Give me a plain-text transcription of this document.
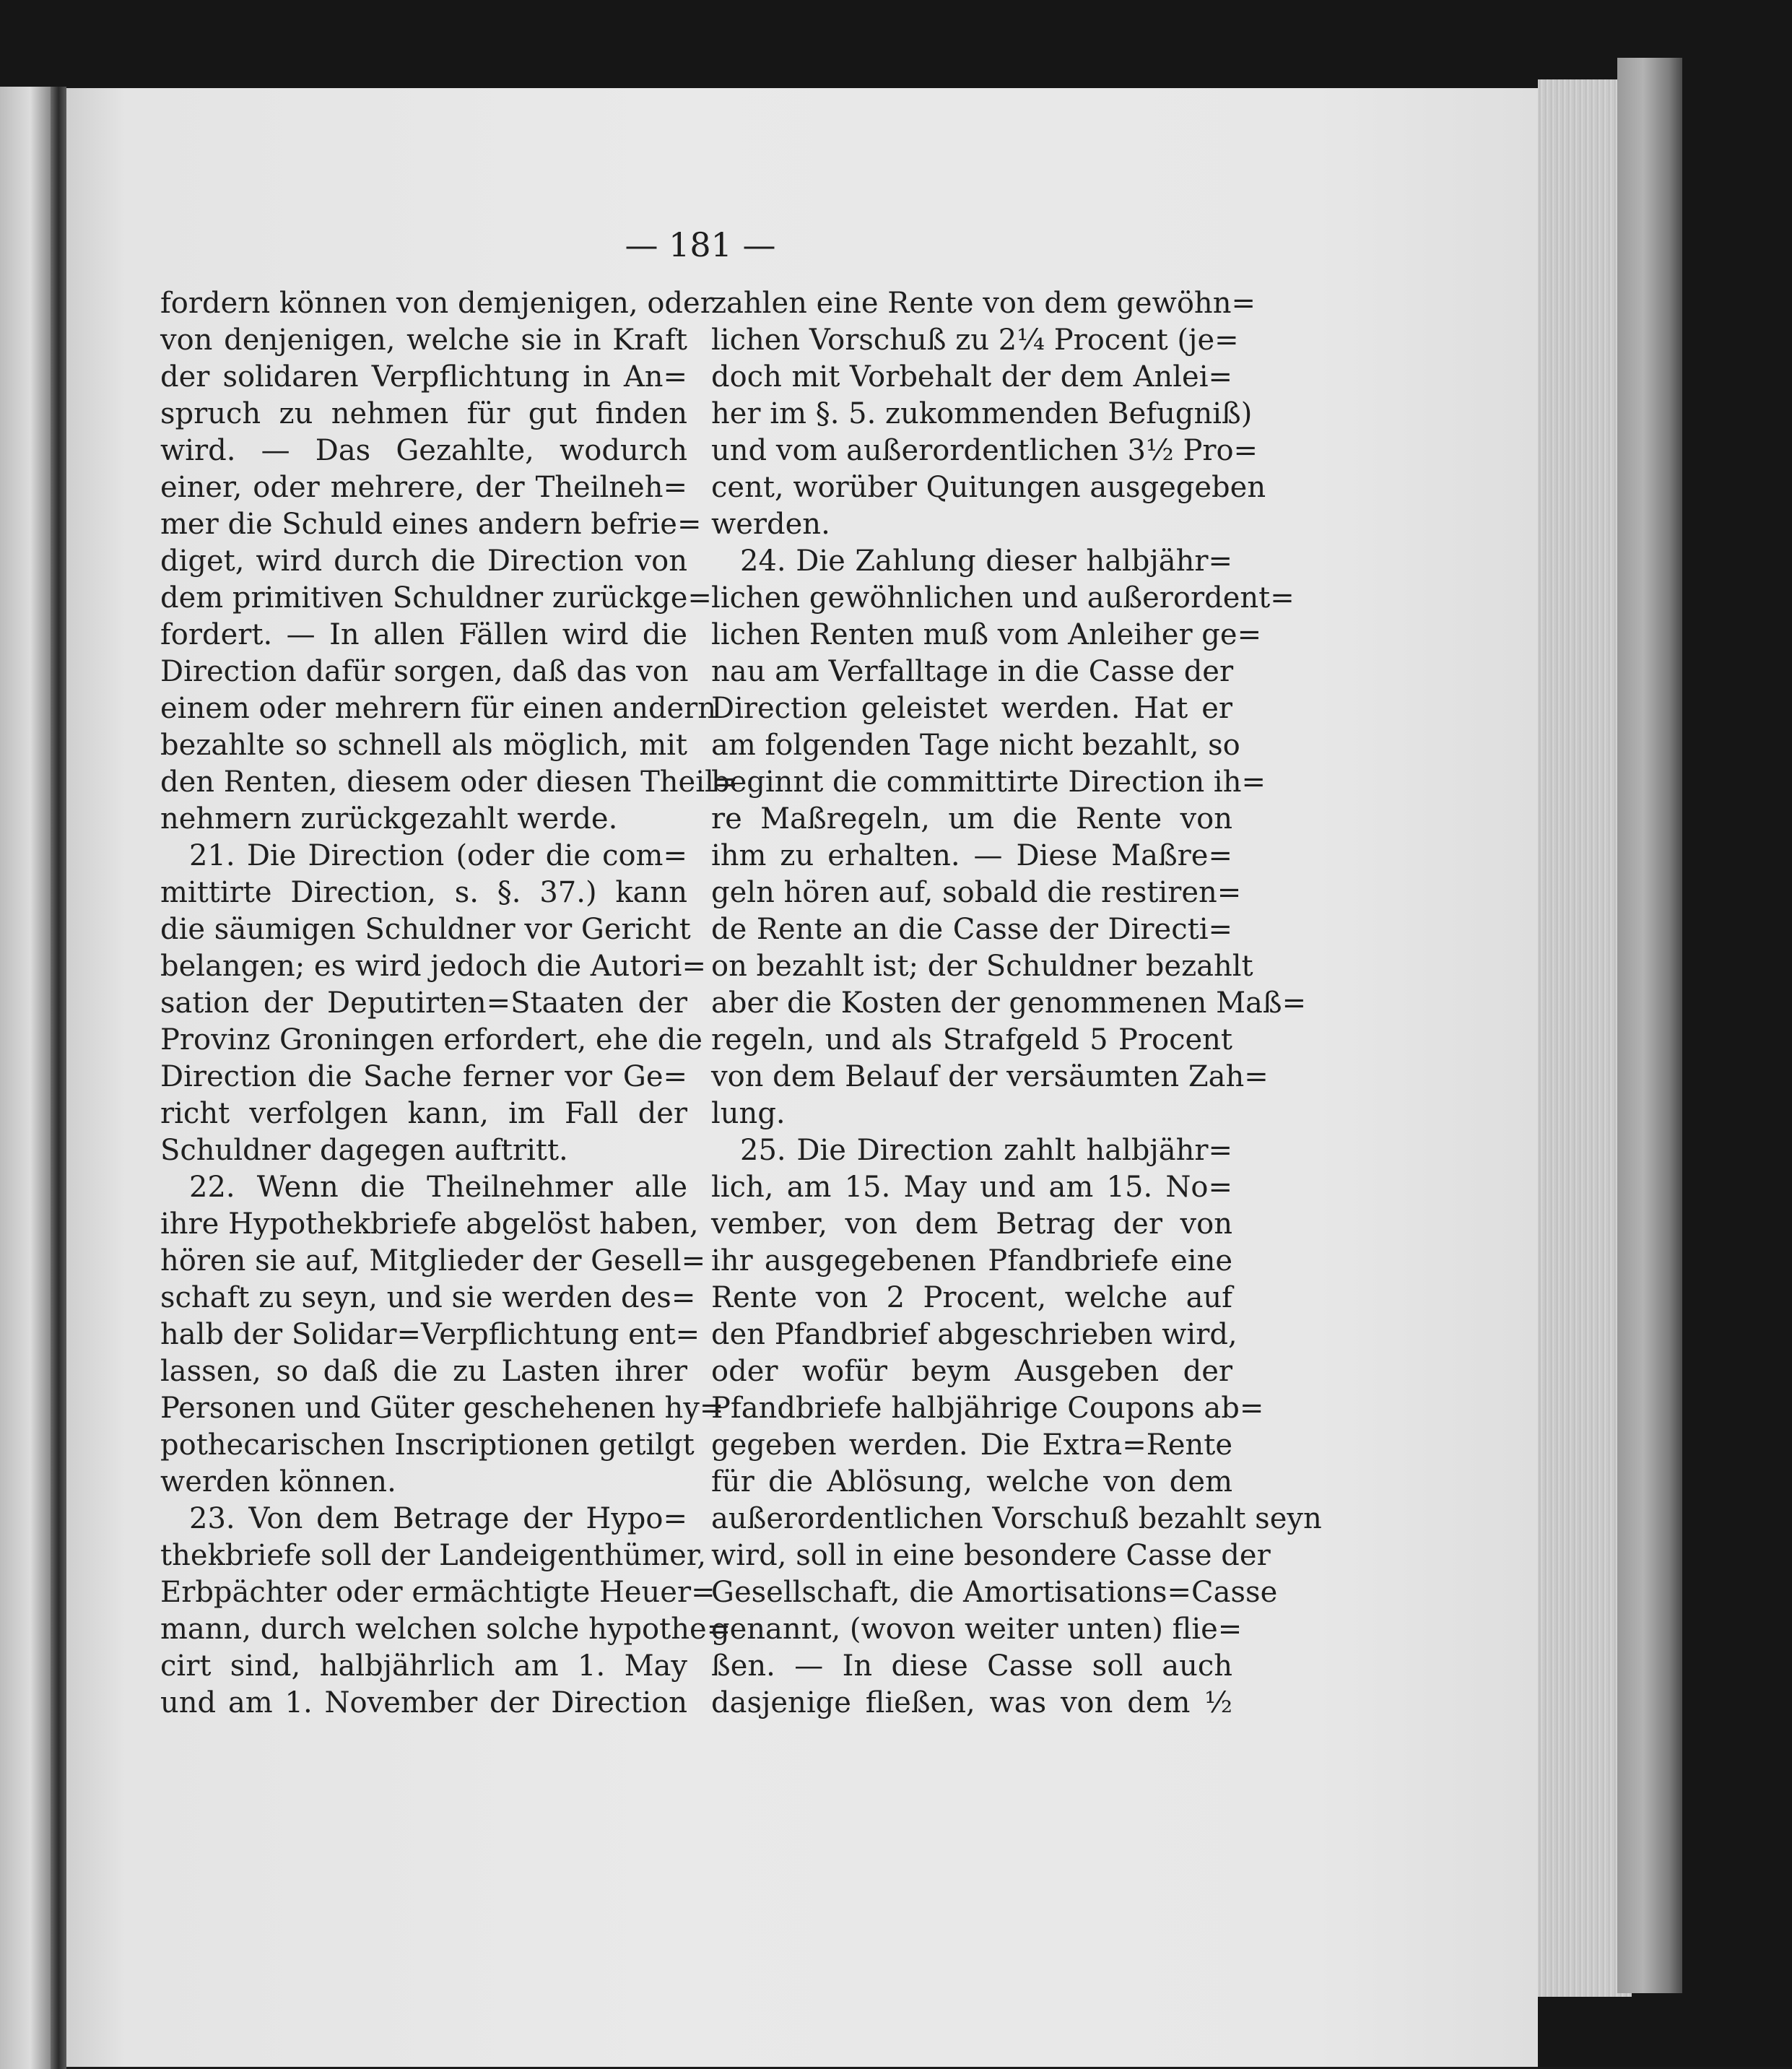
— 181 —
fordern können von demjenigen, oder
von denjenigen, welche sie in Kraft
der solidaren Verpflichtung in An=
spruch zu nehmen für gut finden
wird. — Das Gezahlte, wodurch
einer, oder mehrere, der Theilneh=
mer die Schuld eines andern befrie=
diget, wird durch die Direction von
dem primitiven Schuldner zurückge=
fordert. — In allen Fällen wird die
Direction dafür sorgen, daß das von
einem oder mehrern für einen andern
bezahlte so schnell als möglich, mit
den Renten, diesem oder diesen Theil=
nehmern zurückgezahlt werde.
21. Die Direction (oder die com=
mittirte Direction, s. §. 37.) kann
die säumigen Schuldner vor Gericht
belangen; es wird jedoch die Autori=
sation der Deputirten=Staaten der
Provinz Groningen erfordert, ehe die
Direction die Sache ferner vor Ge=
richt verfolgen kann, im Fall der
Schuldner dagegen auftritt.
22. Wenn die Theilnehmer alle
ihre Hypothekbriefe abgelöst haben,
hören sie auf, Mitglieder der Gesell=
schaft zu seyn, und sie werden des=
halb der Solidar=Verpflichtung ent=
lassen, so daß die zu Lasten ihrer
Personen und Güter geschehenen hy=
pothecarischen Inscriptionen getilgt
werden können.
23. Von dem Betrage der Hypo=
thekbriefe soll der Landeigenthümer,
Erbpächter oder ermächtigte Heuer=
mann, durch welchen solche hypothe=
cirt sind, halbjährlich am 1. May
und am 1. November der Direction
zahlen eine Rente von dem gewöhn=
lichen Vorschuß zu 2¼ Procent (je=
doch mit Vorbehalt der dem Anlei=
her im §. 5. zukommenden Befugniß)
und vom außerordentlichen 3½ Pro=
cent, worüber Quitungen ausgegeben
werden.
24. Die Zahlung dieser halbjähr=
lichen gewöhnlichen und außerordent=
lichen Renten muß vom Anleiher ge=
nau am Verfalltage in die Casse der
Direction geleistet werden. Hat er
am folgenden Tage nicht bezahlt, so
beginnt die committirte Direction ih=
re Maßregeln, um die Rente von
ihm zu erhalten. — Diese Maßre=
geln hören auf, sobald die restiren=
de Rente an die Casse der Directi=
on bezahlt ist; der Schuldner bezahlt
aber die Kosten der genommenen Maß=
regeln, und als Strafgeld 5 Procent
von dem Belauf der versäumten Zah=
lung.
25. Die Direction zahlt halbjähr=
lich, am 15. May und am 15. No=
vember, von dem Betrag der von
ihr ausgegebenen Pfandbriefe eine
Rente von 2 Procent, welche auf
den Pfandbrief abgeschrieben wird,
oder wofür beym Ausgeben der
Pfandbriefe halbjährige Coupons ab=
gegeben werden. Die Extra=Rente
für die Ablösung, welche von dem
außerordentlichen Vorschuß bezahlt seyn
wird, soll in eine besondere Casse der
Gesellschaft, die Amortisations=Casse
genannt, (wovon weiter unten) flie=
ßen. — In diese Casse soll auch
dasjenige fließen, was von dem ½
